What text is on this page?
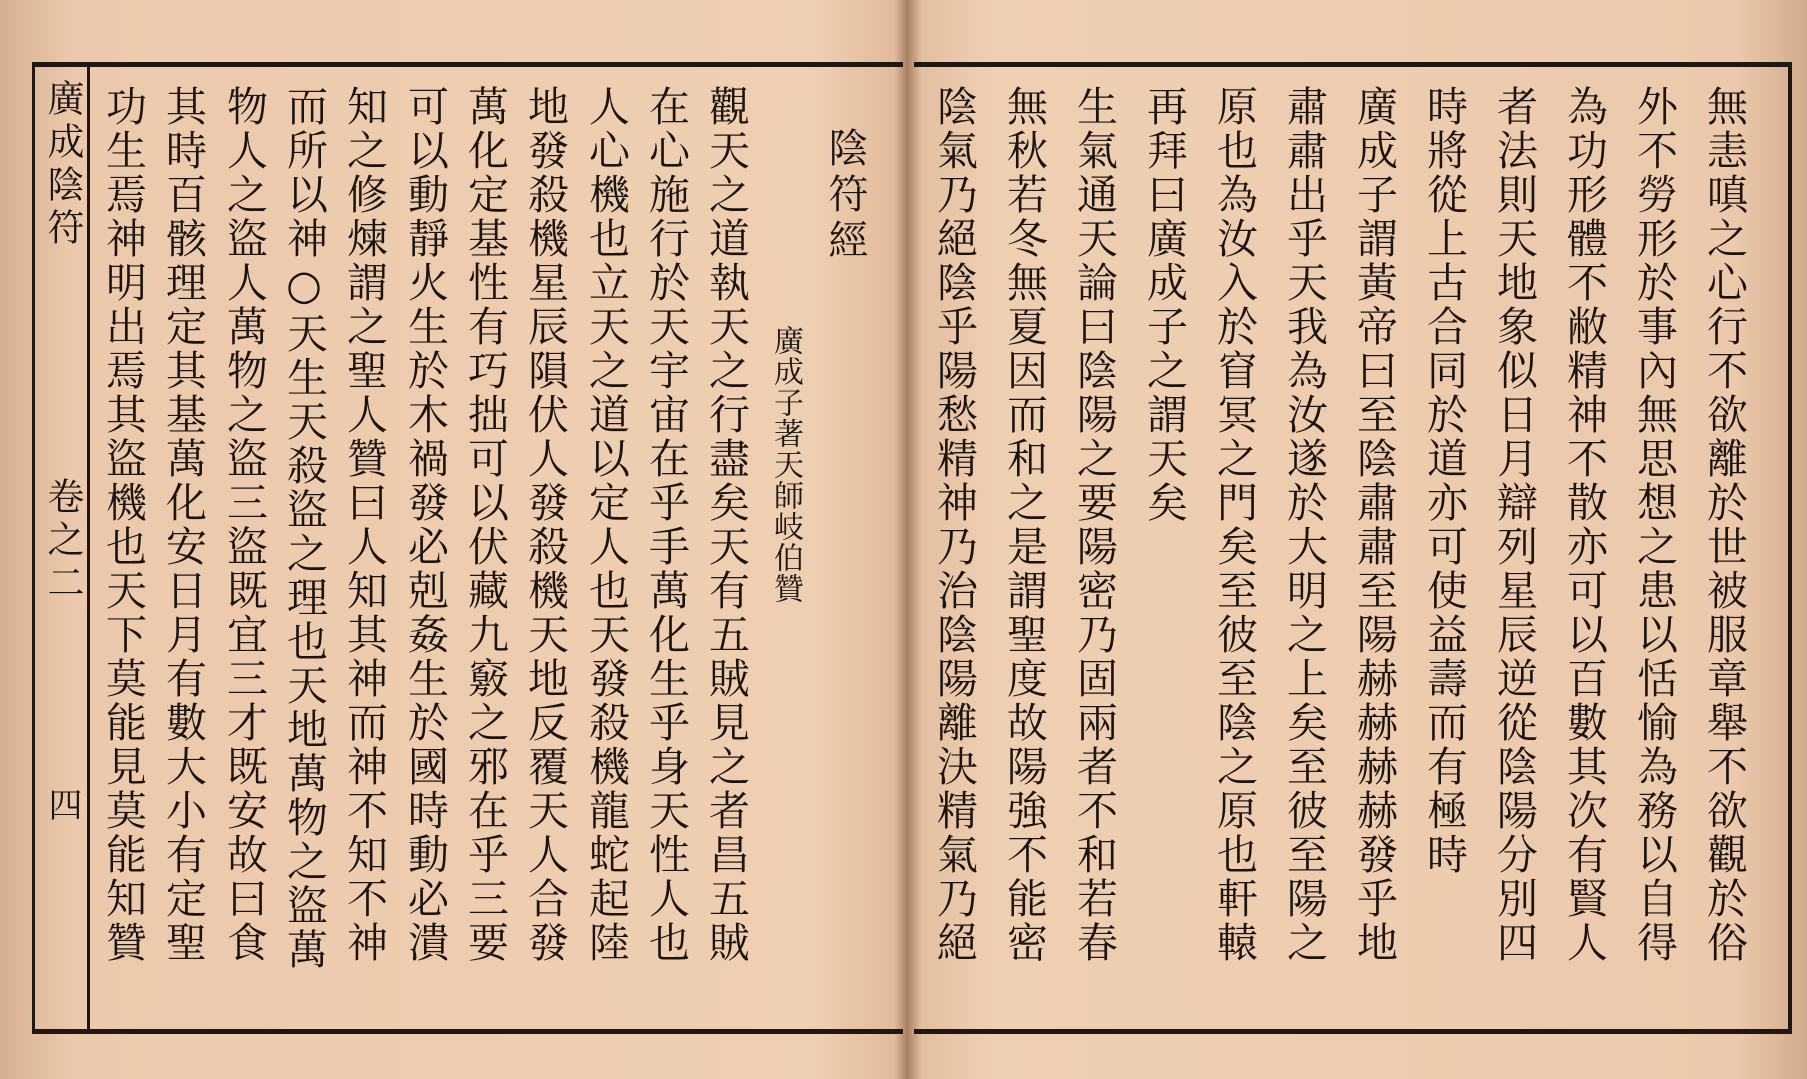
廣成陰符
卷之二
四 功生焉神明出焉其盜機也天下莫能見莫能知贊 其時百骸理定其基萬化安日月有數大小有定聖 物人之盜人萬物之盜三盜既宜三才既安故曰食 而所以神○天生天殺盜之理也天地萬物之盜萬 知之修煉謂之聖人贊曰人知其神而神不知不神 可以動靜火生於木禍發必剋姦生於國時動必潰 萬化定基性有巧拙可以伏藏九竅之邪在乎三要 地發殺機星辰隕伏人發殺機天地反覆天人合發 人心機也立天之道以定人也天發殺機龍蛇起陸 在心施行於天宇宙在乎手萬化生乎身天性人也 觀天之道執天之行盡矣天有五賊見之者昌五賊 廣成子著天師岐伯贊
陰符經
　 陰氣乃絕陰乎陽愁精神乃治陰陽離決精氣乃絕 無秋若冬無夏因而和之是謂聖度故陽強不能密 生氣通天論曰陰陽之要陽密乃固兩者不和若春 再拜曰廣成子之謂天矣 原也為汝入於窅冥之門矣至彼至陰之原也軒轅 肅肅出乎天我為汝遂於大明之上矣至彼至陽之 廣成子謂黃帝曰至陰肅肅至陽赫赫赫赫發乎地 時將從上古合同於道亦可使益壽而有極時 者法則天地象似日月辯列星辰逆從陰陽分別四 為功形體不敝精神不散亦可以百數其次有賢人 外不勞形於事內無思想之患以恬愉為務以自得 無恚嗔之心行不欲離於世被服章舉不欲觀於俗
